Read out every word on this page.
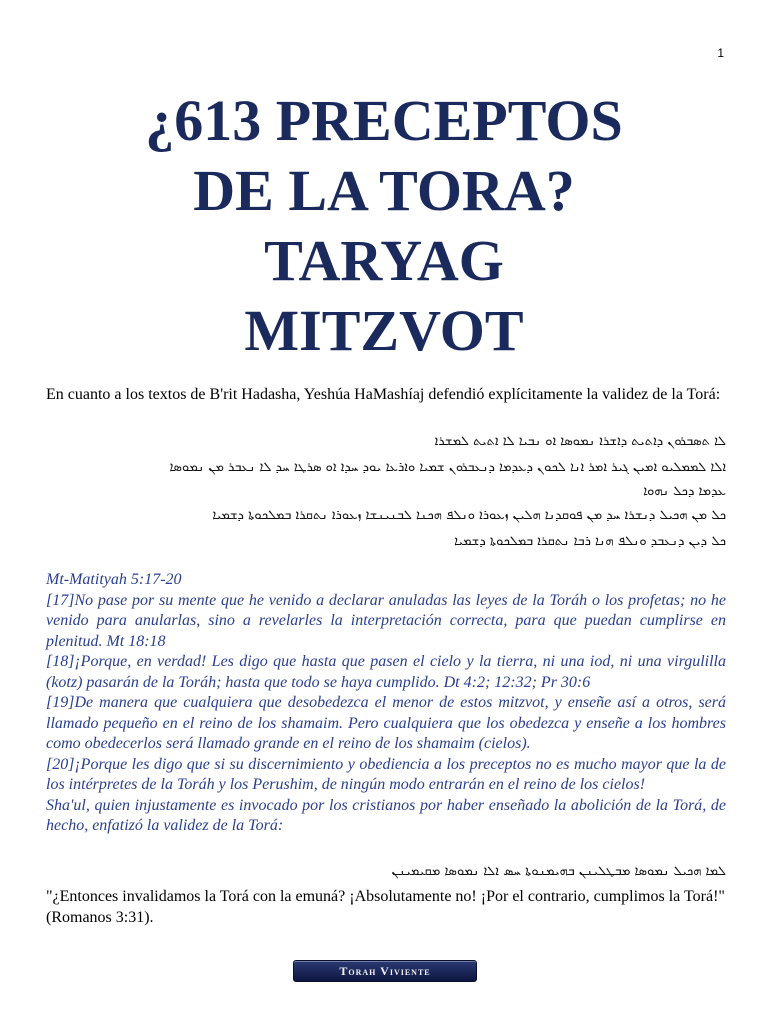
1
¿613 PRECEPTOS
DE LA TORA?
TARYAG
MITZVOT

En cuanto a los textos de B'rit Hadasha, Yeshúa HaMashíaj defendió explícitamente la validez de la Torá:

ܠܐ ܬܣܒܪܘܢ ܕܐܬܝܬ ܕܐܫܪܐ ܢܡܘܣܐ ܐܘ ܢܒܝܐ ܠܐ ܐܬܝܬ ܠܡܫܪܐ
ܐܠܐ ܠܡܡܠܝܘ ܐܡܝܢ ܓܝܪ ܐܡܪ ܐܢܐ ܠܟܘܢ ܕܥܕܡܐ ܕܢܥܒܪܘܢ ܫܡܝܐ ܘܐܪܥܐ ܝܘܕ ܚܕܐ ܐܘ ܣܪܛܐ ܚܕ ܠܐ ܢܥܒܪ ܡܢ ܢܡܘܣܐ
ܥܕܡܐ ܕܟܠ ܢܗܘܐ
ܟܠ ܡܢ ܗܟܝܠ ܕܢܫܪܐ ܚܕ ܡܢ ܦܘܩܕܢܐ ܗܠܝܢ ܙܥܘܪܐ ܘܢܠܦ ܗܟܢܐ ܠܒܢܝܢܫܐ ܙܥܘܪܐ ܢܬܩܪܐ ܒܡܠܟܘܬܐ ܕܫܡܝܐ
ܟܠ ܕܝܢ ܕܢܥܒܕ ܘܢܠܦ ܗܢܐ ܪܒܐ ܢܬܩܪܐ ܒܡܠܟܘܬܐ ܕܫܡܝܐ

Mt-Matityah 5:17-20

[17]No pase por su mente que he venido a declarar anuladas las leyes de la Toráh o los profetas; no he venido para anularlas, sino a revelarles la interpretación correcta, para que puedan cumplirse en plenitud. Mt 18:18

[18]¡Porque, en verdad! Les digo que hasta que pasen el cielo y la tierra, ni una iod, ni una virgulilla (kotz) pasarán de la Toráh; hasta que todo se haya cumplido. Dt 4:2; 12:32; Pr 30:6

[19]De manera que cualquiera que desobedezca el menor de estos mitzvot, y enseñe así a otros, será llamado pequeño en el reino de los shamaim. Pero cualquiera que los obedezca y enseñe a los hombres como obedecerlos será llamado grande en el reino de los shamaim (cielos).

[20]¡Porque les digo que si su discernimiento y obediencia a los preceptos no es mucho mayor que la de los intérpretes de la Toráh y los Perushim, de ningún modo entrarán en el reino de los cielos!

Sha'ul, quien injustamente es invocado por los cristianos por haber enseñado la abolición de la Torá, de hecho, enfatizó la validez de la Torá:

ܠܡܐ ܗܟܝܠ ܢܡܘܣܐ ܡܒܛܠܝܢܢ ܒܗܝܡܢܘܬܐ ܚܣ ܐܠܐ ܢܡܘܣܐ ܡܩܝܡܝܢܢ

"¿Entonces invalidamos la Torá con la emuná? ¡Absolutamente no! ¡Por el contrario, cumplimos la Torá!" (Romanos 3:31).

Torah Viviente
